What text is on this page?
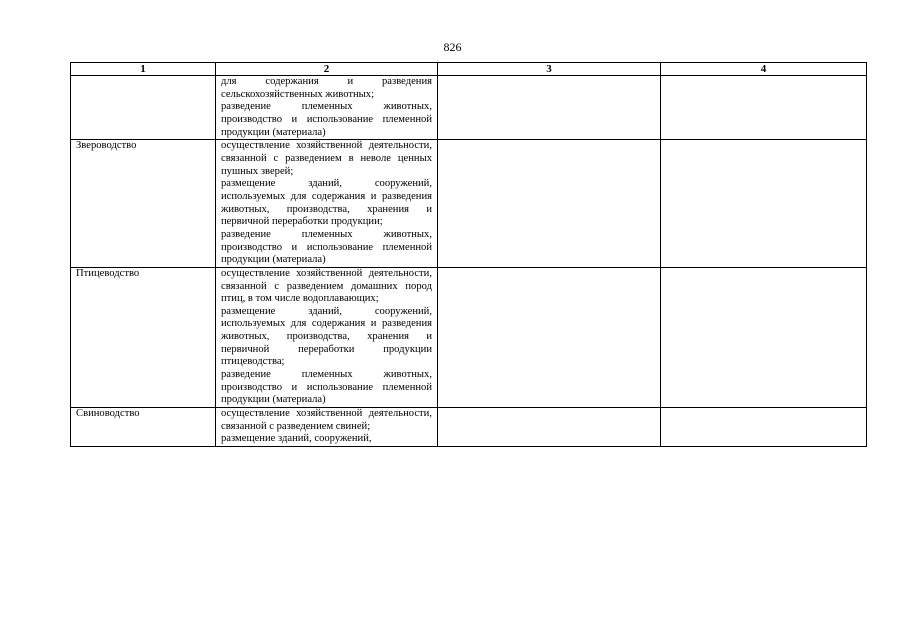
826
1	2	3	4

	для содержания и разведения сельскохозяйственных животных;
разведение племенных животных, производство и использование племенной продукции (материала)		

Звероводство	осуществление хозяйственной деятельности, связанной с разведением в неволе ценных пушных зверей;
размещение зданий, сооружений, используемых для содержания и разведения животных, производства, хранения и первичной переработки продукции;
разведение племенных животных, производство и использование племенной продукции (материала)		

Птицеводство	осуществление хозяйственной деятельности, связанной с разведением домашних пород птиц, в том числе водоплавающих;
размещение зданий, сооружений, используемых для содержания и разведения животных, производства, хранения и первичной переработки продукции птицеводства;
разведение племенных животных, производство и использование племенной продукции (материала)		

Свиноводство	осуществление хозяйственной деятельности, связанной с разведением свиней;
размещение зданий, сооружений,		
